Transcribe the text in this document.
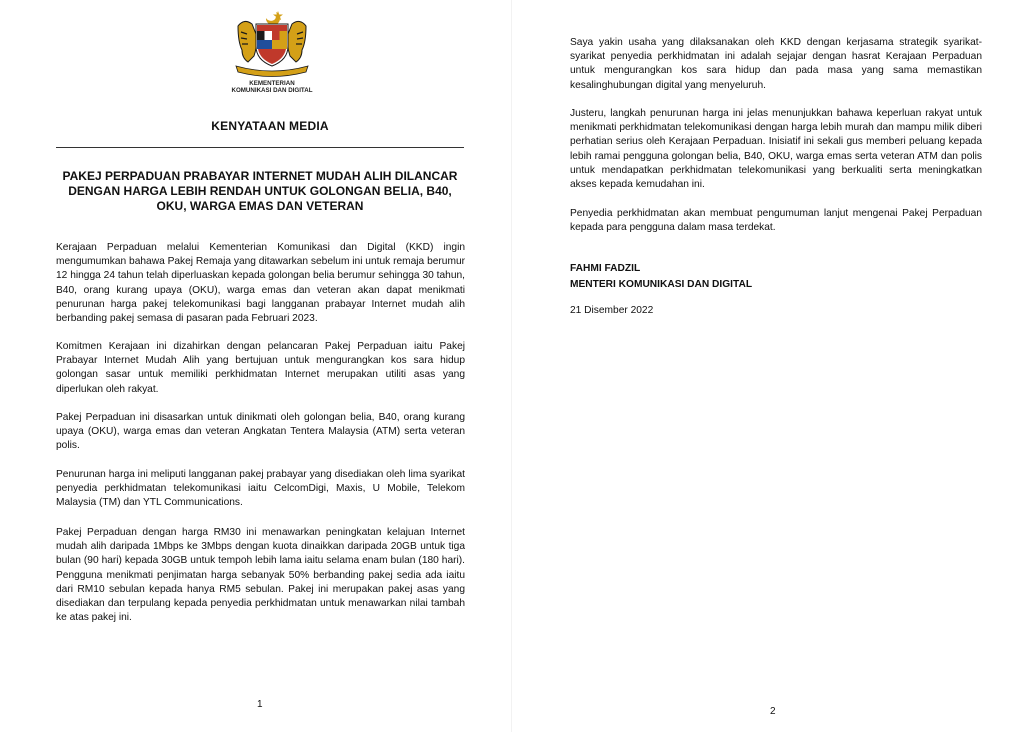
KEMENTERIAN
KOMUNIKASI DAN DIGITAL
KENYATAAN MEDIA
PAKEJ PERPADUAN PRABAYAR INTERNET MUDAH ALIH DILANCAR DENGAN HARGA LEBIH RENDAH UNTUK GOLONGAN BELIA, B40, OKU, WARGA EMAS DAN VETERAN

Kerajaan Perpaduan melalui Kementerian Komunikasi dan Digital (KKD) ingin mengumumkan bahawa Pakej Remaja yang ditawarkan sebelum ini untuk remaja berumur 12 hingga 24 tahun telah diperluaskan kepada golongan belia berumur sehingga 30 tahun, B40, orang kurang upaya (OKU), warga emas dan veteran akan dapat menikmati penurunan harga pakej telekomunikasi bagi langganan prabayar Internet mudah alih berbanding pakej semasa di pasaran pada Februari 2023.

Komitmen Kerajaan ini dizahirkan dengan pelancaran Pakej Perpaduan iaitu Pakej Prabayar Internet Mudah Alih yang bertujuan untuk mengurangkan kos sara hidup golongan sasar untuk memiliki perkhidmatan Internet merupakan utiliti asas yang diperlukan oleh rakyat.

Pakej Perpaduan ini disasarkan untuk dinikmati oleh golongan belia, B40, orang kurang upaya (OKU), warga emas dan veteran Angkatan Tentera Malaysia (ATM) serta veteran polis.

Penurunan harga ini meliputi langganan pakej prabayar yang disediakan oleh lima syarikat penyedia perkhidmatan telekomunikasi iaitu CelcomDigi, Maxis, U Mobile, Telekom Malaysia (TM) dan YTL Communications.

Pakej Perpaduan dengan harga RM30 ini menawarkan peningkatan kelajuan Internet mudah alih daripada 1Mbps ke 3Mbps dengan kuota dinaikkan daripada 20GB untuk tiga bulan (90 hari) kepada 30GB untuk tempoh lebih lama iaitu selama enam bulan (180 hari). Pengguna menikmati penjimatan harga sebanyak 50% berbanding pakej sedia ada iaitu dari RM10 sebulan kepada hanya RM5 sebulan. Pakej ini merupakan pakej asas yang disediakan dan terpulang kepada penyedia perkhidmatan untuk menawarkan nilai tambah ke atas pakej ini.

1

Saya yakin usaha yang dilaksanakan oleh KKD dengan kerjasama strategik syarikat-syarikat penyedia perkhidmatan ini adalah sejajar dengan hasrat Kerajaan Perpaduan untuk mengurangkan kos sara hidup dan pada masa yang sama memastikan kesalinghubungan digital yang menyeluruh.

Justeru, langkah penurunan harga ini jelas menunjukkan bahawa keperluan rakyat untuk menikmati perkhidmatan telekomunikasi dengan harga lebih murah dan mampu milik diberi perhatian serius oleh Kerajaan Perpaduan. Inisiatif ini sekali gus memberi peluang kepada lebih ramai pengguna golongan belia, B40, OKU, warga emas serta veteran ATM dan polis untuk mendapatkan perkhidmatan telekomunikasi yang berkualiti serta meningkatkan akses kepada kemudahan ini.

Penyedia perkhidmatan akan membuat pengumuman lanjut mengenai Pakej Perpaduan kepada para pengguna dalam masa terdekat.

FAHMI FADZIL
MENTERI KOMUNIKASI DAN DIGITAL
21 Disember 2022
2
